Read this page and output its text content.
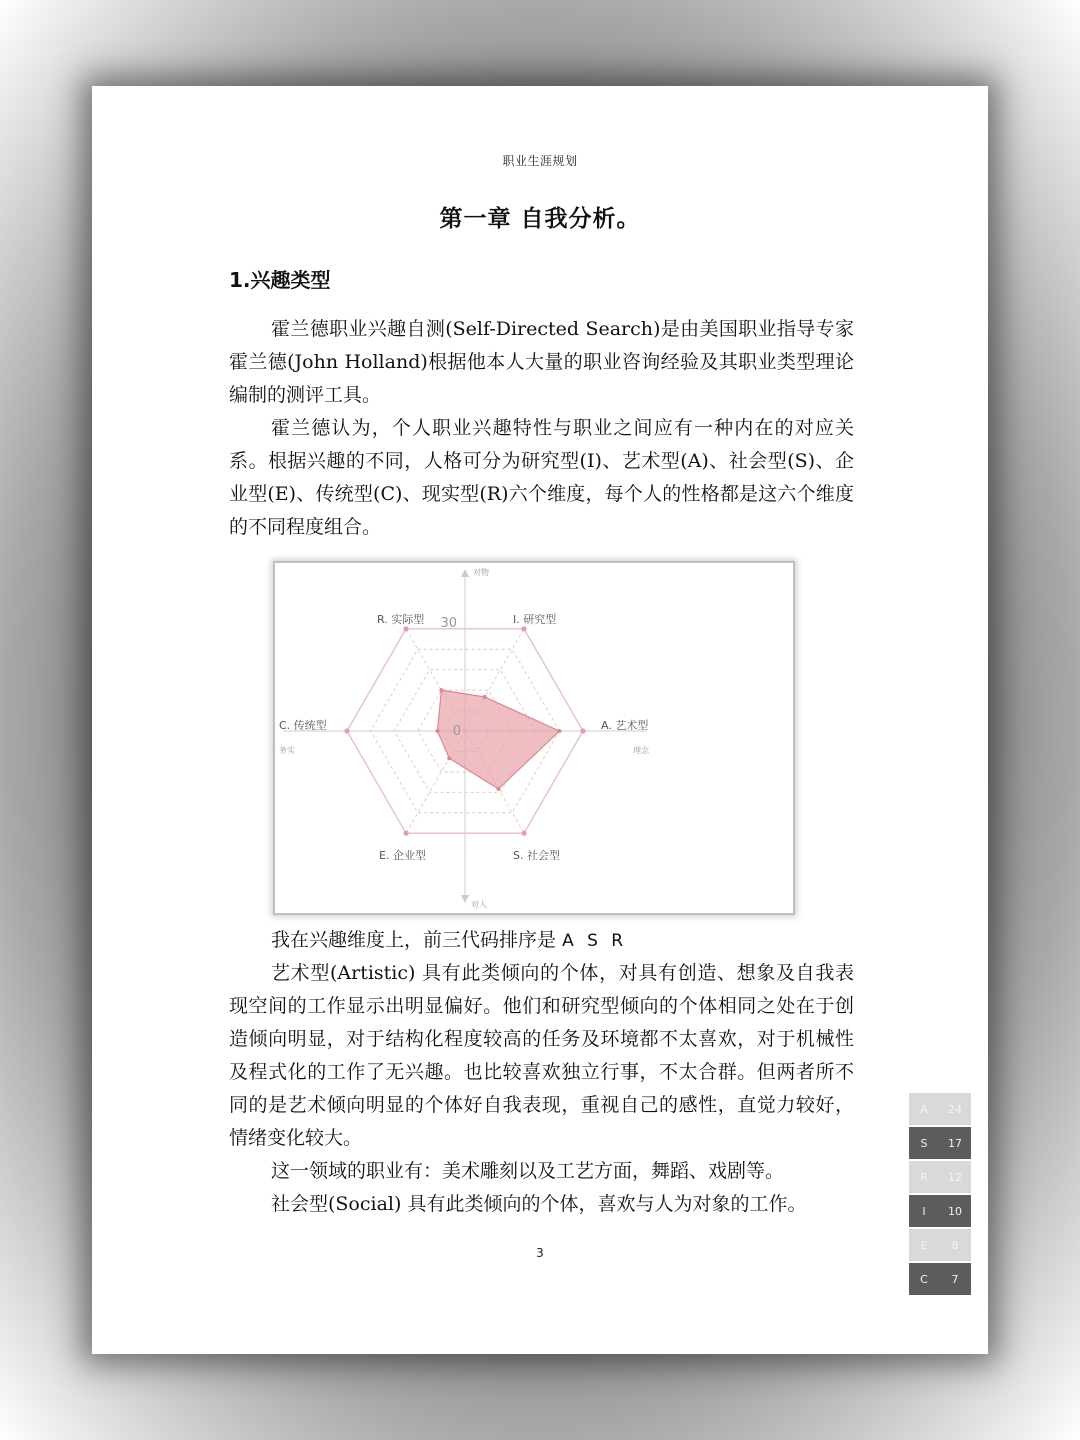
职业生涯规划
第一章 自我分析。
1.兴趣类型

霍兰德职业兴趣自测(Self-Directed Search)是由美国职业指导专家霍兰德(John Holland)根据他本人大量的职业咨询经验及其职业类型理论编制的测评工具。

霍兰德认为，个人职业兴趣特性与职业之间应有一种内在的对应关系。根据兴趣的不同，人格可分为研究型(I)、艺术型(A)、社会型(S)、企业型(E)、传统型(C)、现实型(R)六个维度，每个人的性格都是这六个维度的不同程度组合。

I. 研究型
A. 艺术型
S. 社会型
E. 企业型
C. 传统型
R. 实际型 30
0
对物
对人
务实	理念
A	24
S	17
R	12
I	10
E	8
C	7

我在兴趣维度上，前三代码排序是 A S R

艺术型(Artistic) 具有此类倾向的个体，对具有创造、想象及自我表现空间的工作显示出明显偏好。他们和研究型倾向的个体相同之处在于创造倾向明显，对于结构化程度较高的任务及环境都不太喜欢，对于机械性及程式化的工作了无兴趣。也比较喜欢独立行事，不太合群。但两者所不同的是艺术倾向明显的个体好自我表现，重视自己的感性，直觉力较好，情绪变化较大。

这一领域的职业有：美术雕刻以及工艺方面，舞蹈、戏剧等。

社会型(Social) 具有此类倾向的个体，喜欢与人为对象的工作。

3
